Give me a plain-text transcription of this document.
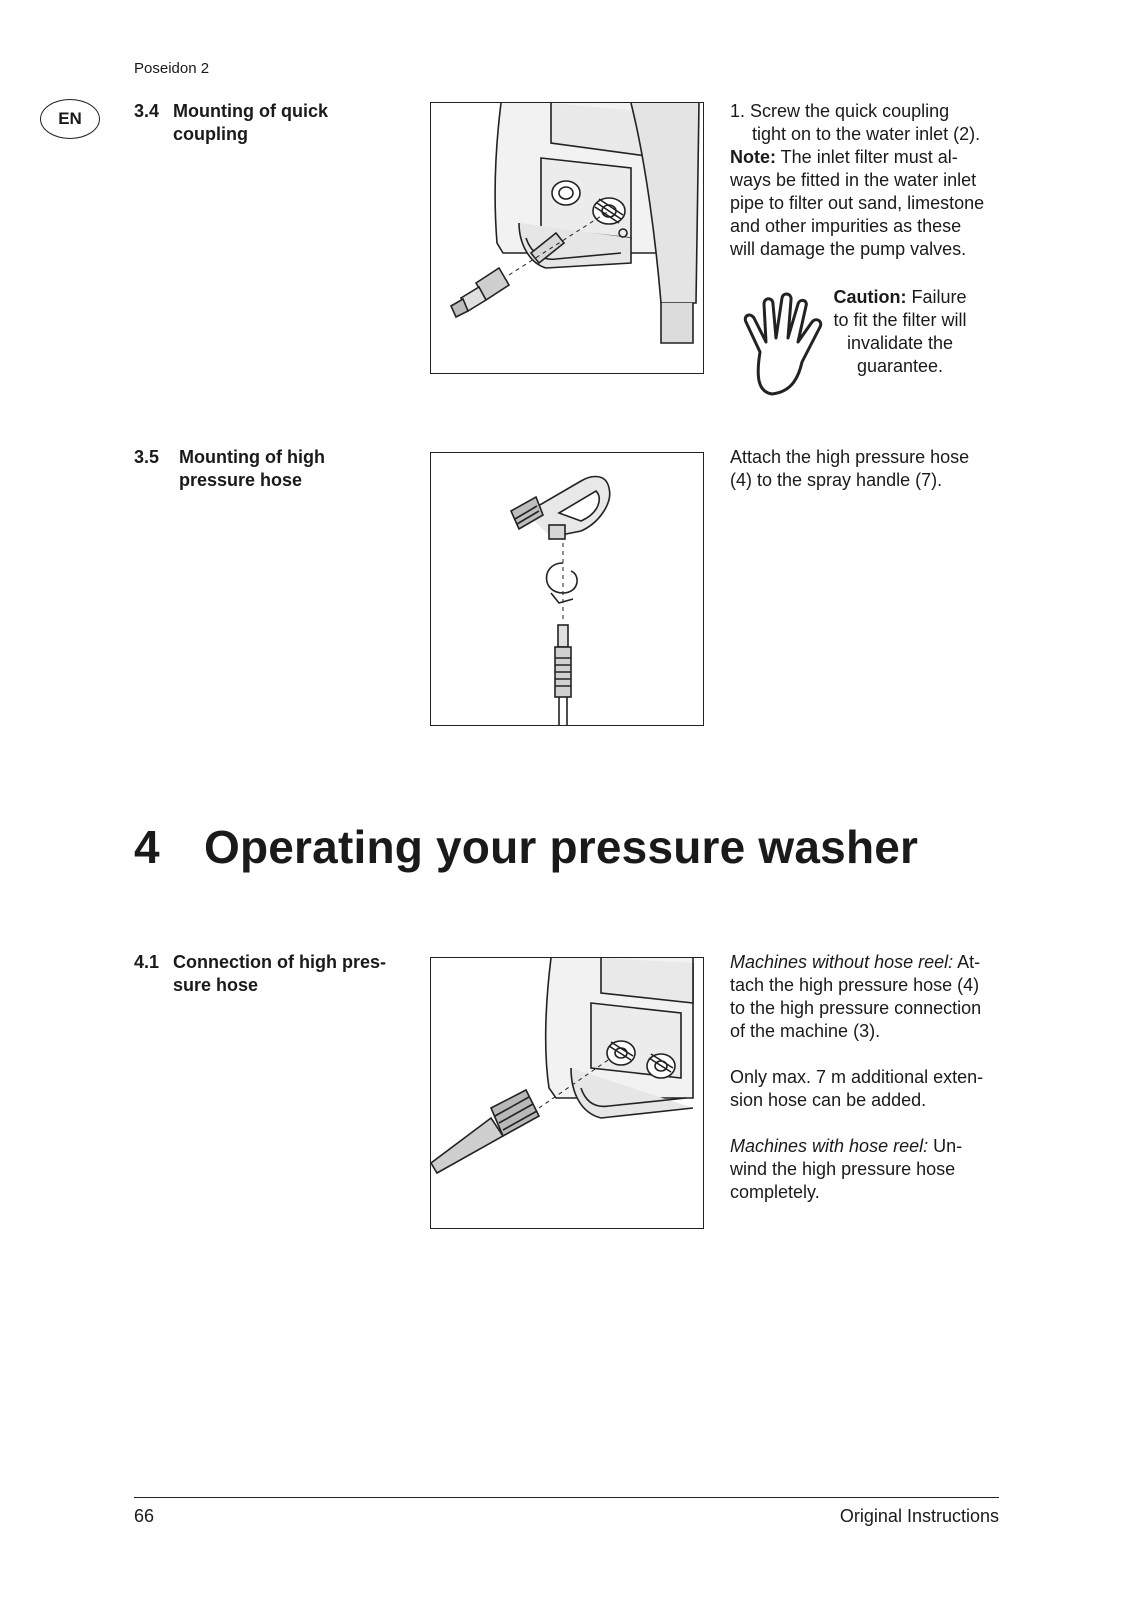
Poseidon 2
EN	3.4 Mounting of quick
coupling

1. Screw the quick coupling

tight on to the water inlet (2).

Note: The inlet filter must al-

ways be fitted in the water inlet

pipe to filter out sand, limestone

and other impurities as these

will damage the pump valves.

Caution: Failure

to fit the filter will

invalidate the

guarantee.

3.5 Mounting of high
pressure hose

Attach the high pressure hose

(4) to the spray handle (7).

4 Operating your pressure washer
4.1 Connection of high pres-
sure hose

Machines without hose reel: At-

tach the high pressure hose (4)

to the high pressure connection

of the machine (3).

Only max. 7 m additional exten-

sion hose can be added.

Machines with hose reel: Un-

wind the high pressure hose

completely.

66	Original Instructions
